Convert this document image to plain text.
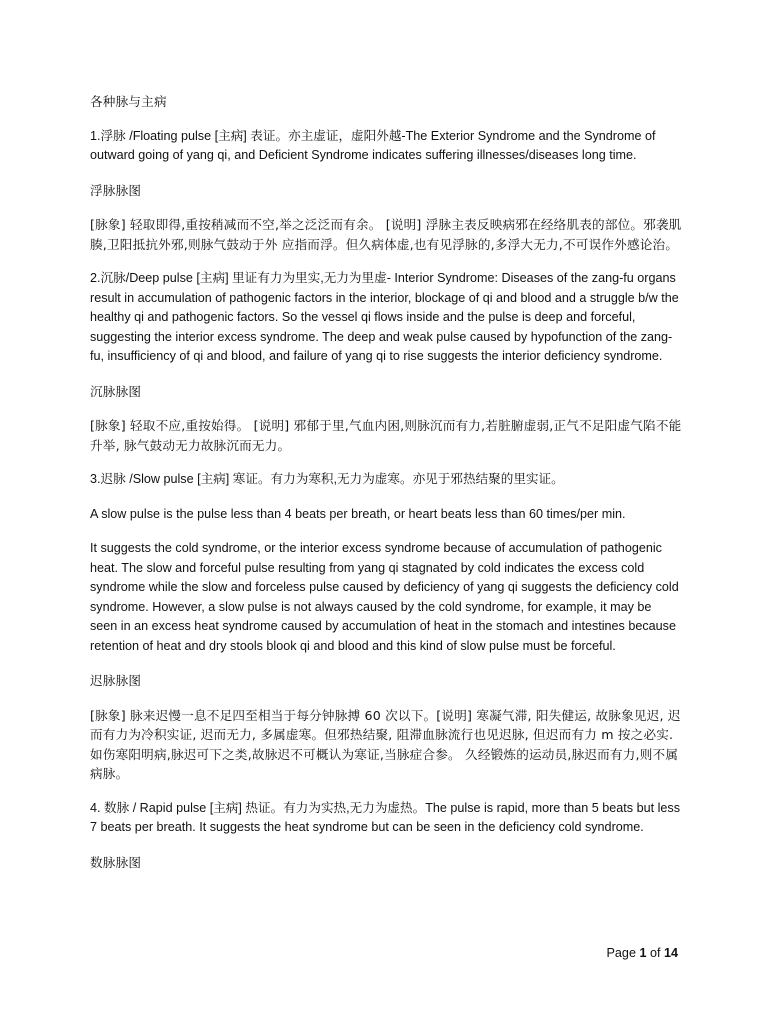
各种脉与主病

1.浮脉 /Floating pulse [主病] 表证。亦主虚证，虚阳外越-The Exterior Syndrome and the Syndrome of outward going of yang qi, and Deficient Syndrome indicates suffering illnesses/diseases long time.

浮脉脉图

[脉象] 轻取即得,重按稍减而不空,举之泛泛而有余。 [说明] 浮脉主表反映病邪在经络肌表的部位。邪袭肌腠,卫阳抵抗外邪,则脉气鼓动于外 应指而浮。但久病体虚,也有见浮脉的,多浮大无力,不可误作外感论治。

2.沉脉/Deep pulse [主病] 里证有力为里实,无力为里虚- Interior Syndrome: Diseases of the zang-fu organs result in accumulation of pathogenic factors in the interior, blockage of qi and blood and a struggle b/w the healthy qi and pathogenic factors. So the vessel qi flows inside and the pulse is deep and forceful, suggesting the interior excess syndrome. The deep and weak pulse caused by hypofunction of the zang-fu, insufficiency of qi and blood, and failure of yang qi to rise suggests the interior deficiency syndrome.

沉脉脉图

[脉象] 轻取不应,重按始得。 [说明] 邪郁于里,气血内困,则脉沉而有力,若脏腑虚弱,正气不足阳虚气陷不能升举, 脉气鼓动无力故脉沉而无力。

3.迟脉 /Slow pulse [主病] 寒证。有力为寒积,无力为虚寒。亦见于邪热结聚的里实证。

A slow pulse is the pulse less than 4 beats per breath, or heart beats less than 60 times/per min.

It suggests the cold syndrome, or the interior excess syndrome because of accumulation of pathogenic heat. The slow and forceful pulse resulting from yang qi stagnated by cold indicates the excess cold syndrome while the slow and forceless pulse caused by deficiency of yang qi suggests the deficiency cold syndrome. However, a slow pulse is not always caused by the cold syndrome, for example, it may be seen in an excess heat syndrome caused by accumulation of heat in the stomach and intestines because retention of heat and dry stools blook qi and blood and this kind of slow pulse must be forceful.

迟脉脉图

[脉象] 脉来迟慢一息不足四至相当于每分钟脉搏 60 次以下。[说明] 寒凝气滞, 阳失健运, 故脉象见迟, 迟而有力为冷积实证, 迟而无力, 多属虚寒。但邪热结聚, 阻滞血脉流行也见迟脉, 但迟而有力 m 按之必实. 如伤寒阳明病,脉迟可下之类,故脉迟不可概认为寒证,当脉症合参。 久经锻炼的运动员,脉迟而有力,则不属病脉。

4. 数脉 / Rapid pulse [主病] 热证。有力为实热,无力为虚热。The pulse is rapid, more than 5 beats but less 7 beats per breath. It suggests the heat syndrome but can be seen in the deficiency cold syndrome.

数脉脉图

Page 1 of 14
